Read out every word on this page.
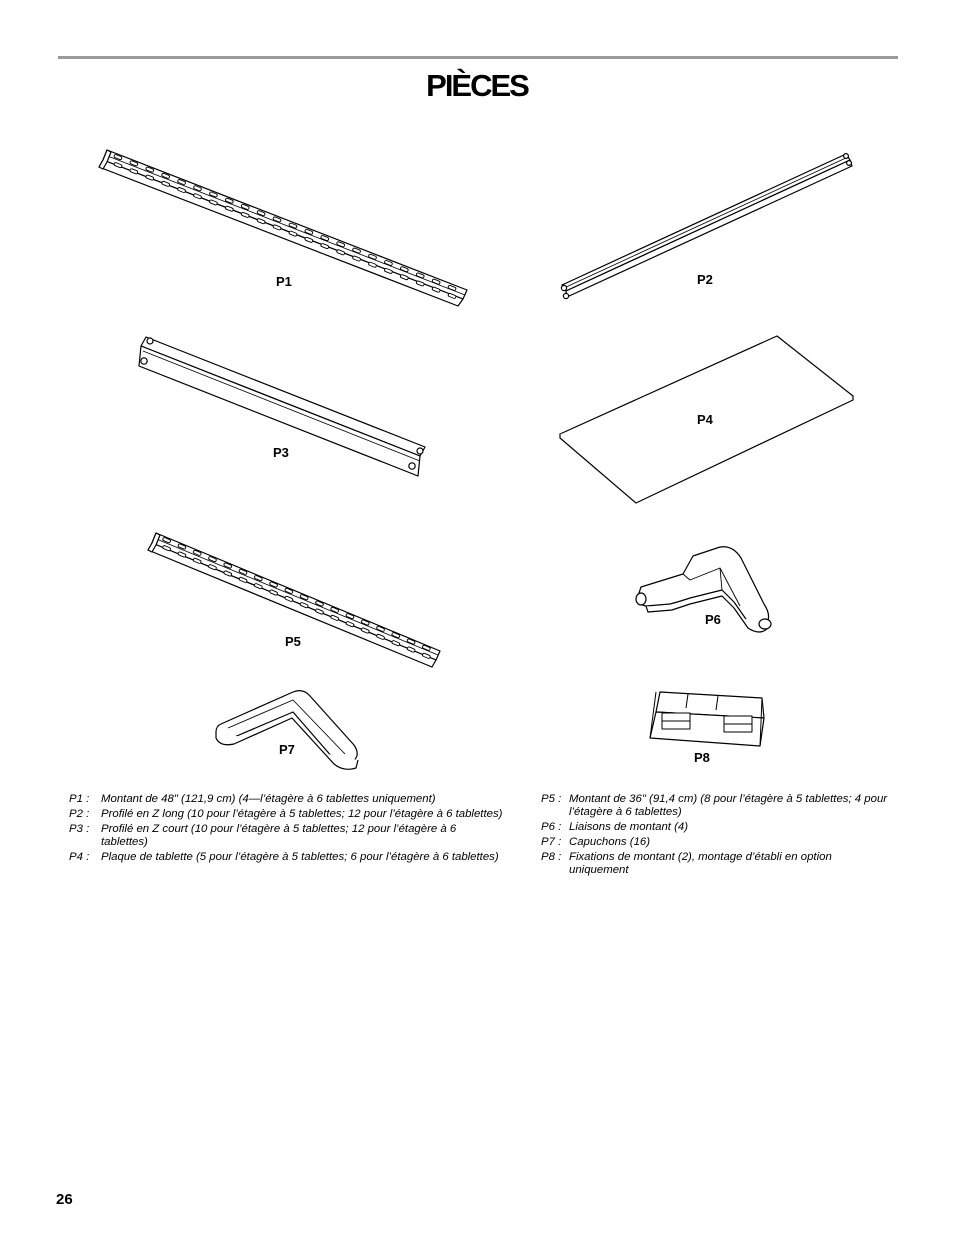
PIÈCES
P1	P2
P3
P4
P5
P6
P7
P8
P1 :	Montant de 48" (121,9 cm) (4—l’étagère à 6 tablettes uniquement)
P2 :	Profilé en Z long (10 pour l’étagère à 5 tablettes; 12 pour l’étagère à 6 tablettes)
P3 :	Profilé en Z court (10 pour l’étagère à 5 tablettes; 12 pour l’étagère à 6 tablettes)
P4 :	Plaque de tablette (5 pour l’étagère à 5 tablettes; 6 pour l’étagère à 6 tablettes)
P5 : Montant de 36" (91,4 cm) (8 pour l’étagère à 5 tablettes; 4 pour l’étagère à 6 tablettes)
P6 : Liaisons de montant (4)
P7 : Capuchons (16)
P8 : Fixations de montant (2), montage d’établi en option uniquement
26
